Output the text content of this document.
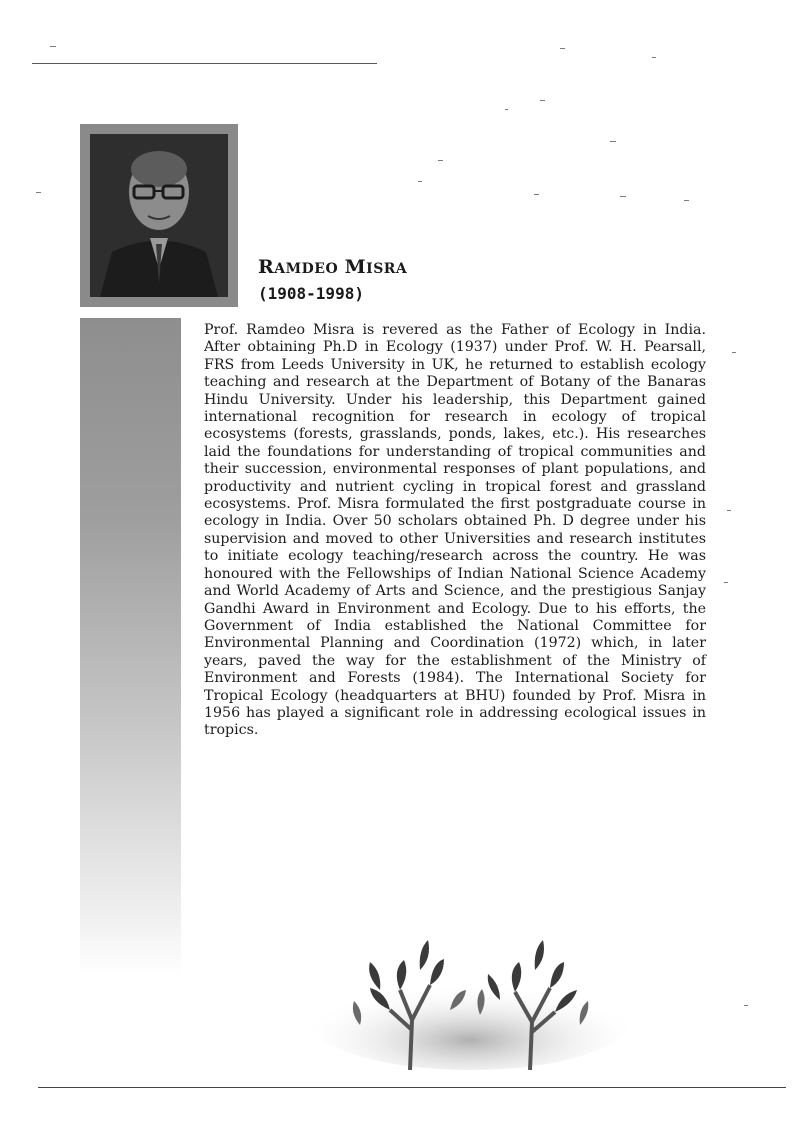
RAMDEO MISRA
(1908-1998)

Prof. Ramdeo Misra is revered as the Father of Ecology in India. After obtaining Ph.D in Ecology (1937) under Prof. W. H. Pearsall, FRS from Leeds University in UK, he returned to establish ecology teaching and research at the Department of Botany of the Banaras Hindu University. Under his leadership, this Department gained international recognition for research in ecology of tropical ecosystems (forests, grasslands, ponds, lakes, etc.). His researches laid the foundations for understanding of tropical communities and their succession, environmental responses of plant populations, and productivity and nutrient cycling in tropical forest and grassland ecosystems. Prof. Misra formulated the first postgraduate course in ecology in India. Over 50 scholars obtained Ph. D degree under his supervision and moved to other Universities and research institutes to initiate ecology teaching/research across the country. He was honoured with the Fellowships of Indian National Science Academy and World Academy of Arts and Science, and the prestigious Sanjay Gandhi Award in Environment and Ecology. Due to his efforts, the Government of India established the National Committee for Environmental Planning and Coordination (1972) which, in later years, paved the way for the establishment of the Ministry of Environment and Forests (1984). The International Society for Tropical Ecology (headquarters at BHU) founded by Prof. Misra in 1956 has played a significant role in addressing ecological issues in tropics.
